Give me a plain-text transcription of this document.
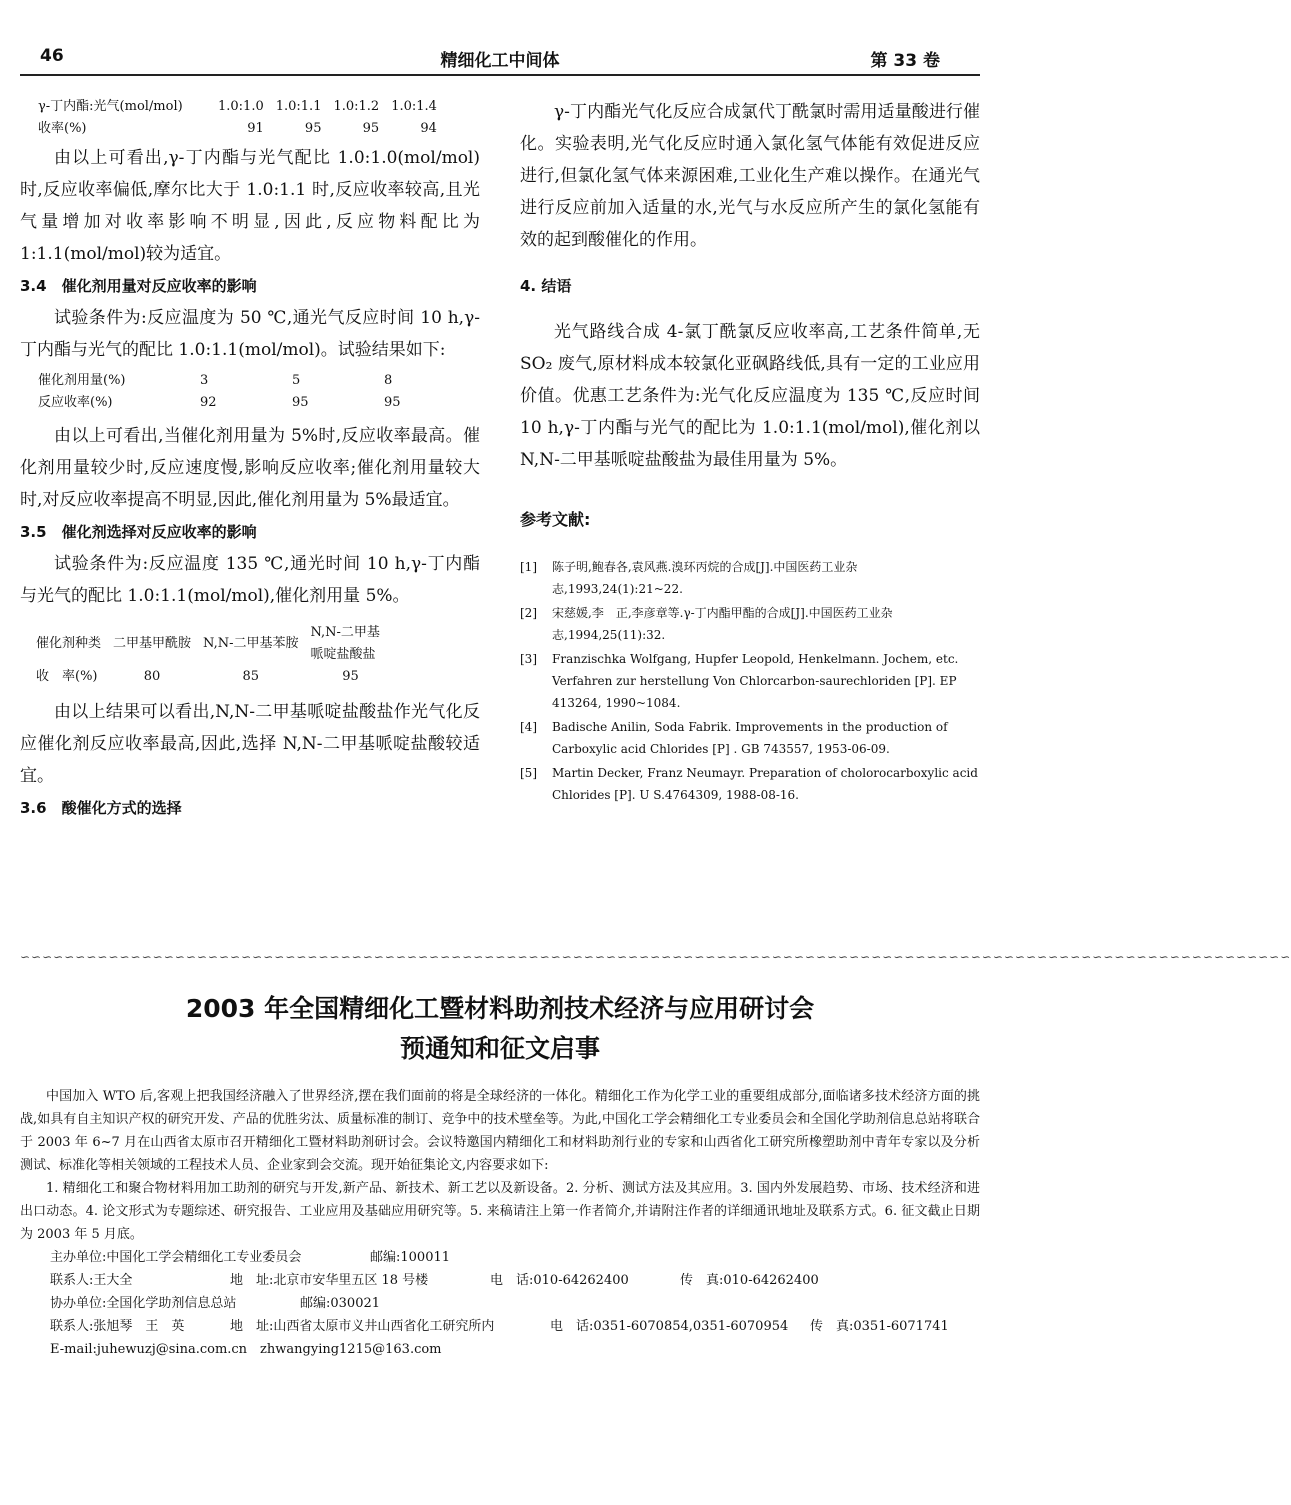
46	精细化工中间体	第 33 卷
γ-丁内酯:光气(mol/mol)	1.0:1.0	1.0:1.1	1.0:1.2	1.0:1.4
收率(%)	91	95	95	94

由以上可看出,γ-丁内酯与光气配比 1.0:1.0(mol/mol)时,反应收率偏低,摩尔比大于 1.0:1.1 时,反应收率较高,且光气量增加对收率影响不明显,因此,反应物料配比为 1:1.1(mol/mol)较为适宜。

3.4　催化剂用量对反应收率的影响

试验条件为:反应温度为 50 ℃,通光气反应时间 10 h,γ-丁内酯与光气的配比 1.0:1.1(mol/mol)。试验结果如下:

催化剂用量(%)	3	5	8
反应收率(%)	92	95	95

由以上可看出,当催化剂用量为 5%时,反应收率最高。催化剂用量较少时,反应速度慢,影响反应收率;催化剂用量较大时,对反应收率提高不明显,因此,催化剂用量为 5%最适宜。

3.5　催化剂选择对反应收率的影响

试验条件为:反应温度 135 ℃,通光时间 10 h,γ-丁内酯与光气的配比 1.0:1.1(mol/mol),催化剂用量 5%。

催化剂种类	二甲基甲酰胺	N,N-二甲基苯胺	N,N-二甲基哌啶盐酸盐
收　率(%)	80	85	95

由以上结果可以看出,N,N-二甲基哌啶盐酸盐作光气化反应催化剂反应收率最高,因此,选择 N,N-二甲基哌啶盐酸较适宜。

3.6　酸催化方式的选择

γ-丁内酯光气化反应合成氯代丁酰氯时需用适量酸进行催化。实验表明,光气化反应时通入氯化氢气体能有效促进反应进行,但氯化氢气体来源困难,工业化生产难以操作。在通光气进行反应前加入适量的水,光气与水反应所产生的氯化氢能有效的起到酸催化的作用。

4. 结语

光气路线合成 4-氯丁酰氯反应收率高,工艺条件简单,无 SO₂ 废气,原材料成本较氯化亚砜路线低,具有一定的工业应用价值。优惠工艺条件为:光气化反应温度为 135 ℃,反应时间 10 h,γ-丁内酯与光气的配比为 1.0:1.1(mol/mol),催化剂以 N,N-二甲基哌啶盐酸盐为最佳用量为 5%。

参考文献:

[1]	陈子明,鲍春各,袁风燕.溴环丙烷的合成[J].中国医药工业杂志,1993,24(1):21~22.
[2]	宋慈媛,李　正,李彦章等.γ-丁内酯甲酯的合成[J].中国医药工业杂志,1994,25(11):32.
[3]	Franzischka Wolfgang, Hupfer Leopold, Henkelmann. Jochem, etc. Verfahren zur herstellung Von Chlorcarbon-saurechloriden [P]. EP 413264, 1990~1084.
[4]	Badische Anilin, Soda Fabrik. Improvements in the production of Carboxylic acid Chlorides [P] . GB 743557, 1953-06-09.
[5]	Martin Decker, Franz Neumayr. Preparation of cholorocarboxylic acid Chlorides [P]. U S.4764309, 1988-08-16.
∽∽∽∽∽∽∽∽∽∽∽∽∽∽∽∽∽∽∽∽∽∽∽∽∽∽∽∽∽∽∽∽∽∽∽∽∽∽∽∽∽∽∽∽∽∽∽∽∽∽∽∽∽∽∽∽∽∽∽∽∽∽∽∽∽∽∽∽∽∽∽∽∽∽∽∽∽∽∽∽∽∽∽∽∽∽∽∽∽∽∽∽∽∽∽∽∽∽∽∽∽∽∽∽∽∽∽∽∽∽∽∽∽∽∽
2003 年全国精细化工暨材料助剂技术经济与应用研讨会
预通知和征文启事

中国加入 WTO 后,客观上把我国经济融入了世界经济,摆在我们面前的将是全球经济的一体化。精细化工作为化学工业的重要组成部分,面临诸多技术经济方面的挑战,如具有自主知识产权的研究开发、产品的优胜劣汰、质量标准的制订、竞争中的技术壁垒等。为此,中国化工学会精细化工专业委员会和全国化学助剂信息总站将联合于 2003 年 6~7 月在山西省太原市召开精细化工暨材料助剂研讨会。会议特邀国内精细化工和材料助剂行业的专家和山西省化工研究所橡塑助剂中青年专家以及分析测试、标准化等相关领域的工程技术人员、企业家到会交流。现开始征集论文,内容要求如下:

1. 精细化工和聚合物材料用加工助剂的研究与开发,新产品、新技术、新工艺以及新设备。2. 分析、测试方法及其应用。3. 国内外发展趋势、市场、技术经济和进出口动态。4. 论文形式为专题综述、研究报告、工业应用及基础应用研究等。5. 来稿请注上第一作者简介,并请附注作者的详细通讯地址及联系方式。6. 征文截止日期为 2003 年 5 月底。

主办单位:中国化工学会精细化工专业委员会	邮编:100011
联系人:王大全	地　址:北京市安华里五区 18 号楼	电　话:010-64262400	传　真:010-64262400
协办单位:全国化学助剂信息总站	邮编:030021
联系人:张旭琴　王　英	地　址:山西省太原市义井山西省化工研究所内	电　话:0351-6070854,0351-6070954 传　真:0351-6071741
E-mail:juhewuzj@sina.com.cn　zhwangying1215@163.com
